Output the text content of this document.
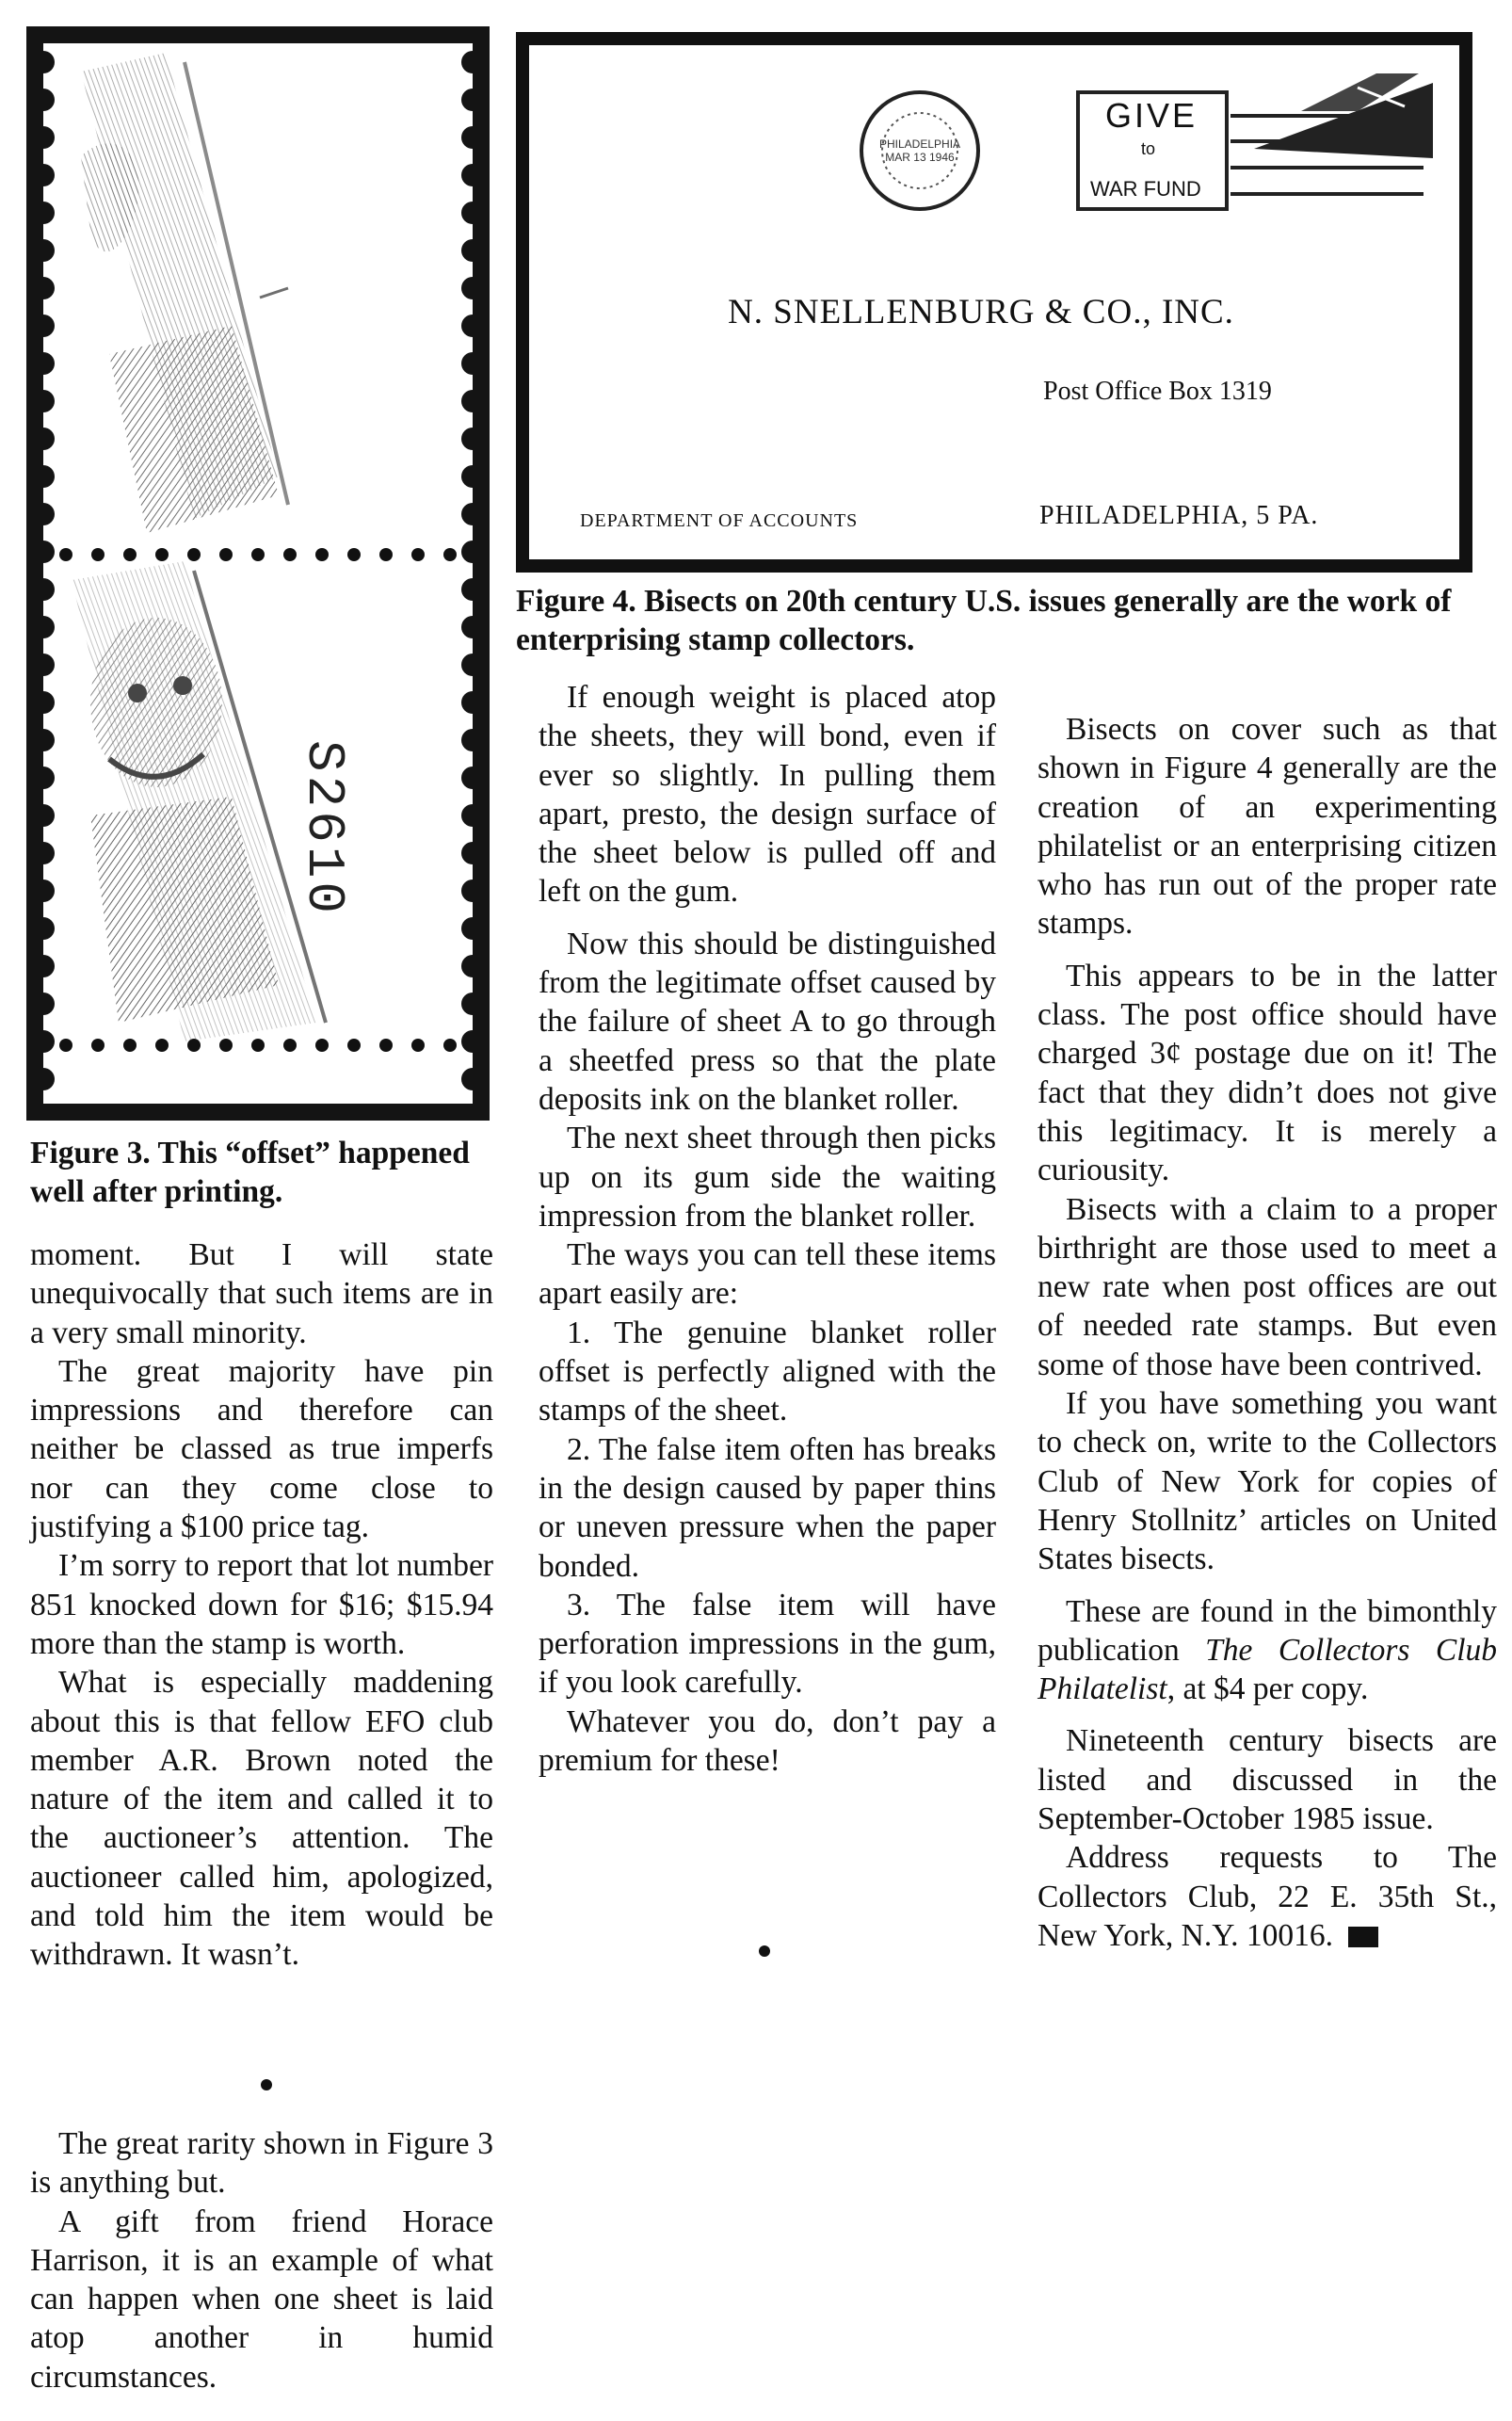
S2610
Figure 3. This “offset” happened well after printing.
PHILADELPHIA MAR 13 1946
GIVE
to
WAR FUND
N. SNELLENBURG & CO., INC.
Post Office Box 1319
DEPARTMENT OF ACCOUNTS	PHILADELPHIA, 5 PA.
Figure 4. Bisects on 20th century U.S. issues generally are the work of enterprising stamp collectors.

moment. But I will state unequivocally that such items are in a very small minority.

The great majority have pin impressions and therefore can neither be classed as true imperfs nor can they come close to justifying a $100 price tag.

I’m sorry to report that lot number 851 knocked down for $16; $15.94 more than the stamp is worth.

What is especially maddening about this is that fellow EFO club member A.R. Brown noted the nature of the item and called it to the auctioneer’s attention. The auctioneer called him, apologized, and told him the item would be withdrawn. It wasn’t.

The great rarity shown in Figure 3 is anything but.

A gift from friend Horace Harrison, it is an example of what can happen when one sheet is laid atop another in humid circumstances.

If enough weight is placed atop the sheets, they will bond, even if ever so slightly. In pulling them apart, presto, the design surface of the sheet below is pulled off and left on the gum.

Now this should be distinguished from the legitimate offset caused by the failure of sheet A to go through a sheetfed press so that the plate deposits ink on the blanket roller.

The next sheet through then picks up on its gum side the waiting impression from the blanket roller.

The ways you can tell these items apart easily are:

1. The genuine blanket roller offset is perfectly aligned with the stamps of the sheet.

2. The false item often has breaks in the design caused by paper thins or uneven pressure when the paper bonded.

3. The false item will have perforation impressions in the gum, if you look carefully.

Whatever you do, don’t pay a premium for these!

Bisects on cover such as that shown in Figure 4 generally are the creation of an experimenting philatelist or an enterprising citizen who has run out of the proper rate stamps.

This appears to be in the latter class. The post office should have charged 3¢ postage due on it! The fact that they didn’t does not give this legitimacy. It is merely a curiousity.

Bisects with a claim to a proper birthright are those used to meet a new rate when post offices are out of needed rate stamps. But even some of those have been contrived.

If you have something you want to check on, write to the Collectors Club of New York for copies of Henry Stollnitz’ articles on United States bisects.

These are found in the bimonthly publication The Collectors Club Philatelist, at $4 per copy.

Nineteenth century bisects are listed and discussed in the September-October 1985 issue.

Address requests to The Collectors Club, 22 E. 35th St., New York, N.Y. 10016.
